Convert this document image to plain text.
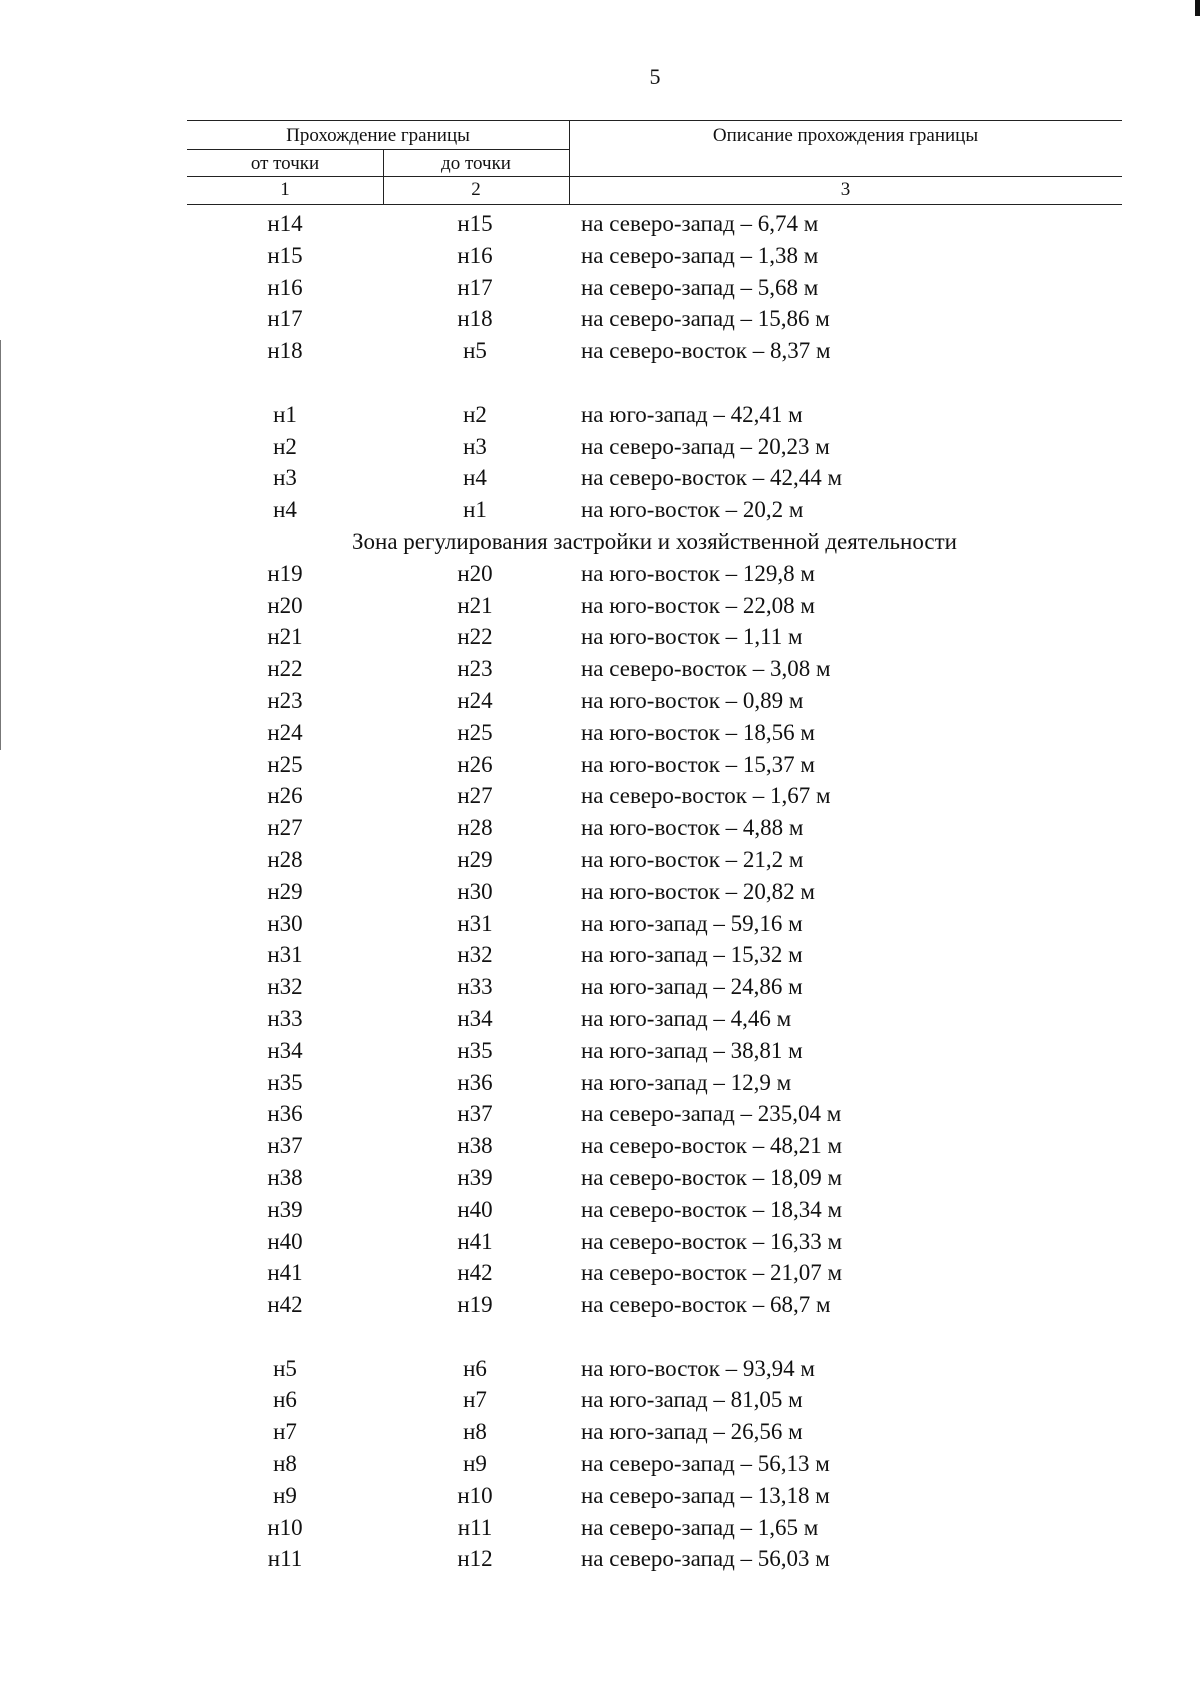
5
Прохождение границы	Описание прохождения границы
от точки	до точки
1	2	3
н14	н15	на северо-запад – 6,74 м
н15	н16	на северо-запад – 1,38 м
н16	н17	на северо-запад – 5,68 м
н17	н18	на северо-запад – 15,86 м
н18	н5	на северо-восток – 8,37 м
н1	н2	на юго-запад – 42,41 м
н2	н3	на северо-запад – 20,23 м
н3	н4	на северо-восток – 42,44 м
н4	н1	на юго-восток – 20,2 м
Зона регулирования застройки и хозяйственной деятельности
н19	н20	на юго-восток – 129,8 м
н20	н21	на юго-восток – 22,08 м
н21	н22	на юго-восток – 1,11 м
н22	н23	на северо-восток – 3,08 м
н23	н24	на юго-восток – 0,89 м
н24	н25	на юго-восток – 18,56 м
н25	н26	на юго-восток – 15,37 м
н26	н27	на северо-восток – 1,67 м
н27	н28	на юго-восток – 4,88 м
н28	н29	на юго-восток – 21,2 м
н29	н30	на юго-восток – 20,82 м
н30	н31	на юго-запад – 59,16 м
н31	н32	на юго-запад – 15,32 м
н32	н33	на юго-запад – 24,86 м
н33	н34	на юго-запад – 4,46 м
н34	н35	на юго-запад – 38,81 м
н35	н36	на юго-запад – 12,9 м
н36	н37	на северо-запад – 235,04 м
н37	н38	на северо-восток – 48,21 м
н38	н39	на северо-восток – 18,09 м
н39	н40	на северо-восток – 18,34 м
н40	н41	на северо-восток – 16,33 м
н41	н42	на северо-восток – 21,07 м
н42	н19	на северо-восток – 68,7 м
н5	н6	на юго-восток – 93,94 м
н6	н7	на юго-запад – 81,05 м
н7	н8	на юго-запад – 26,56 м
н8	н9	на северо-запад – 56,13 м
н9	н10	на северо-запад – 13,18 м
н10	н11	на северо-запад – 1,65 м
н11	н12	на северо-запад – 56,03 м
